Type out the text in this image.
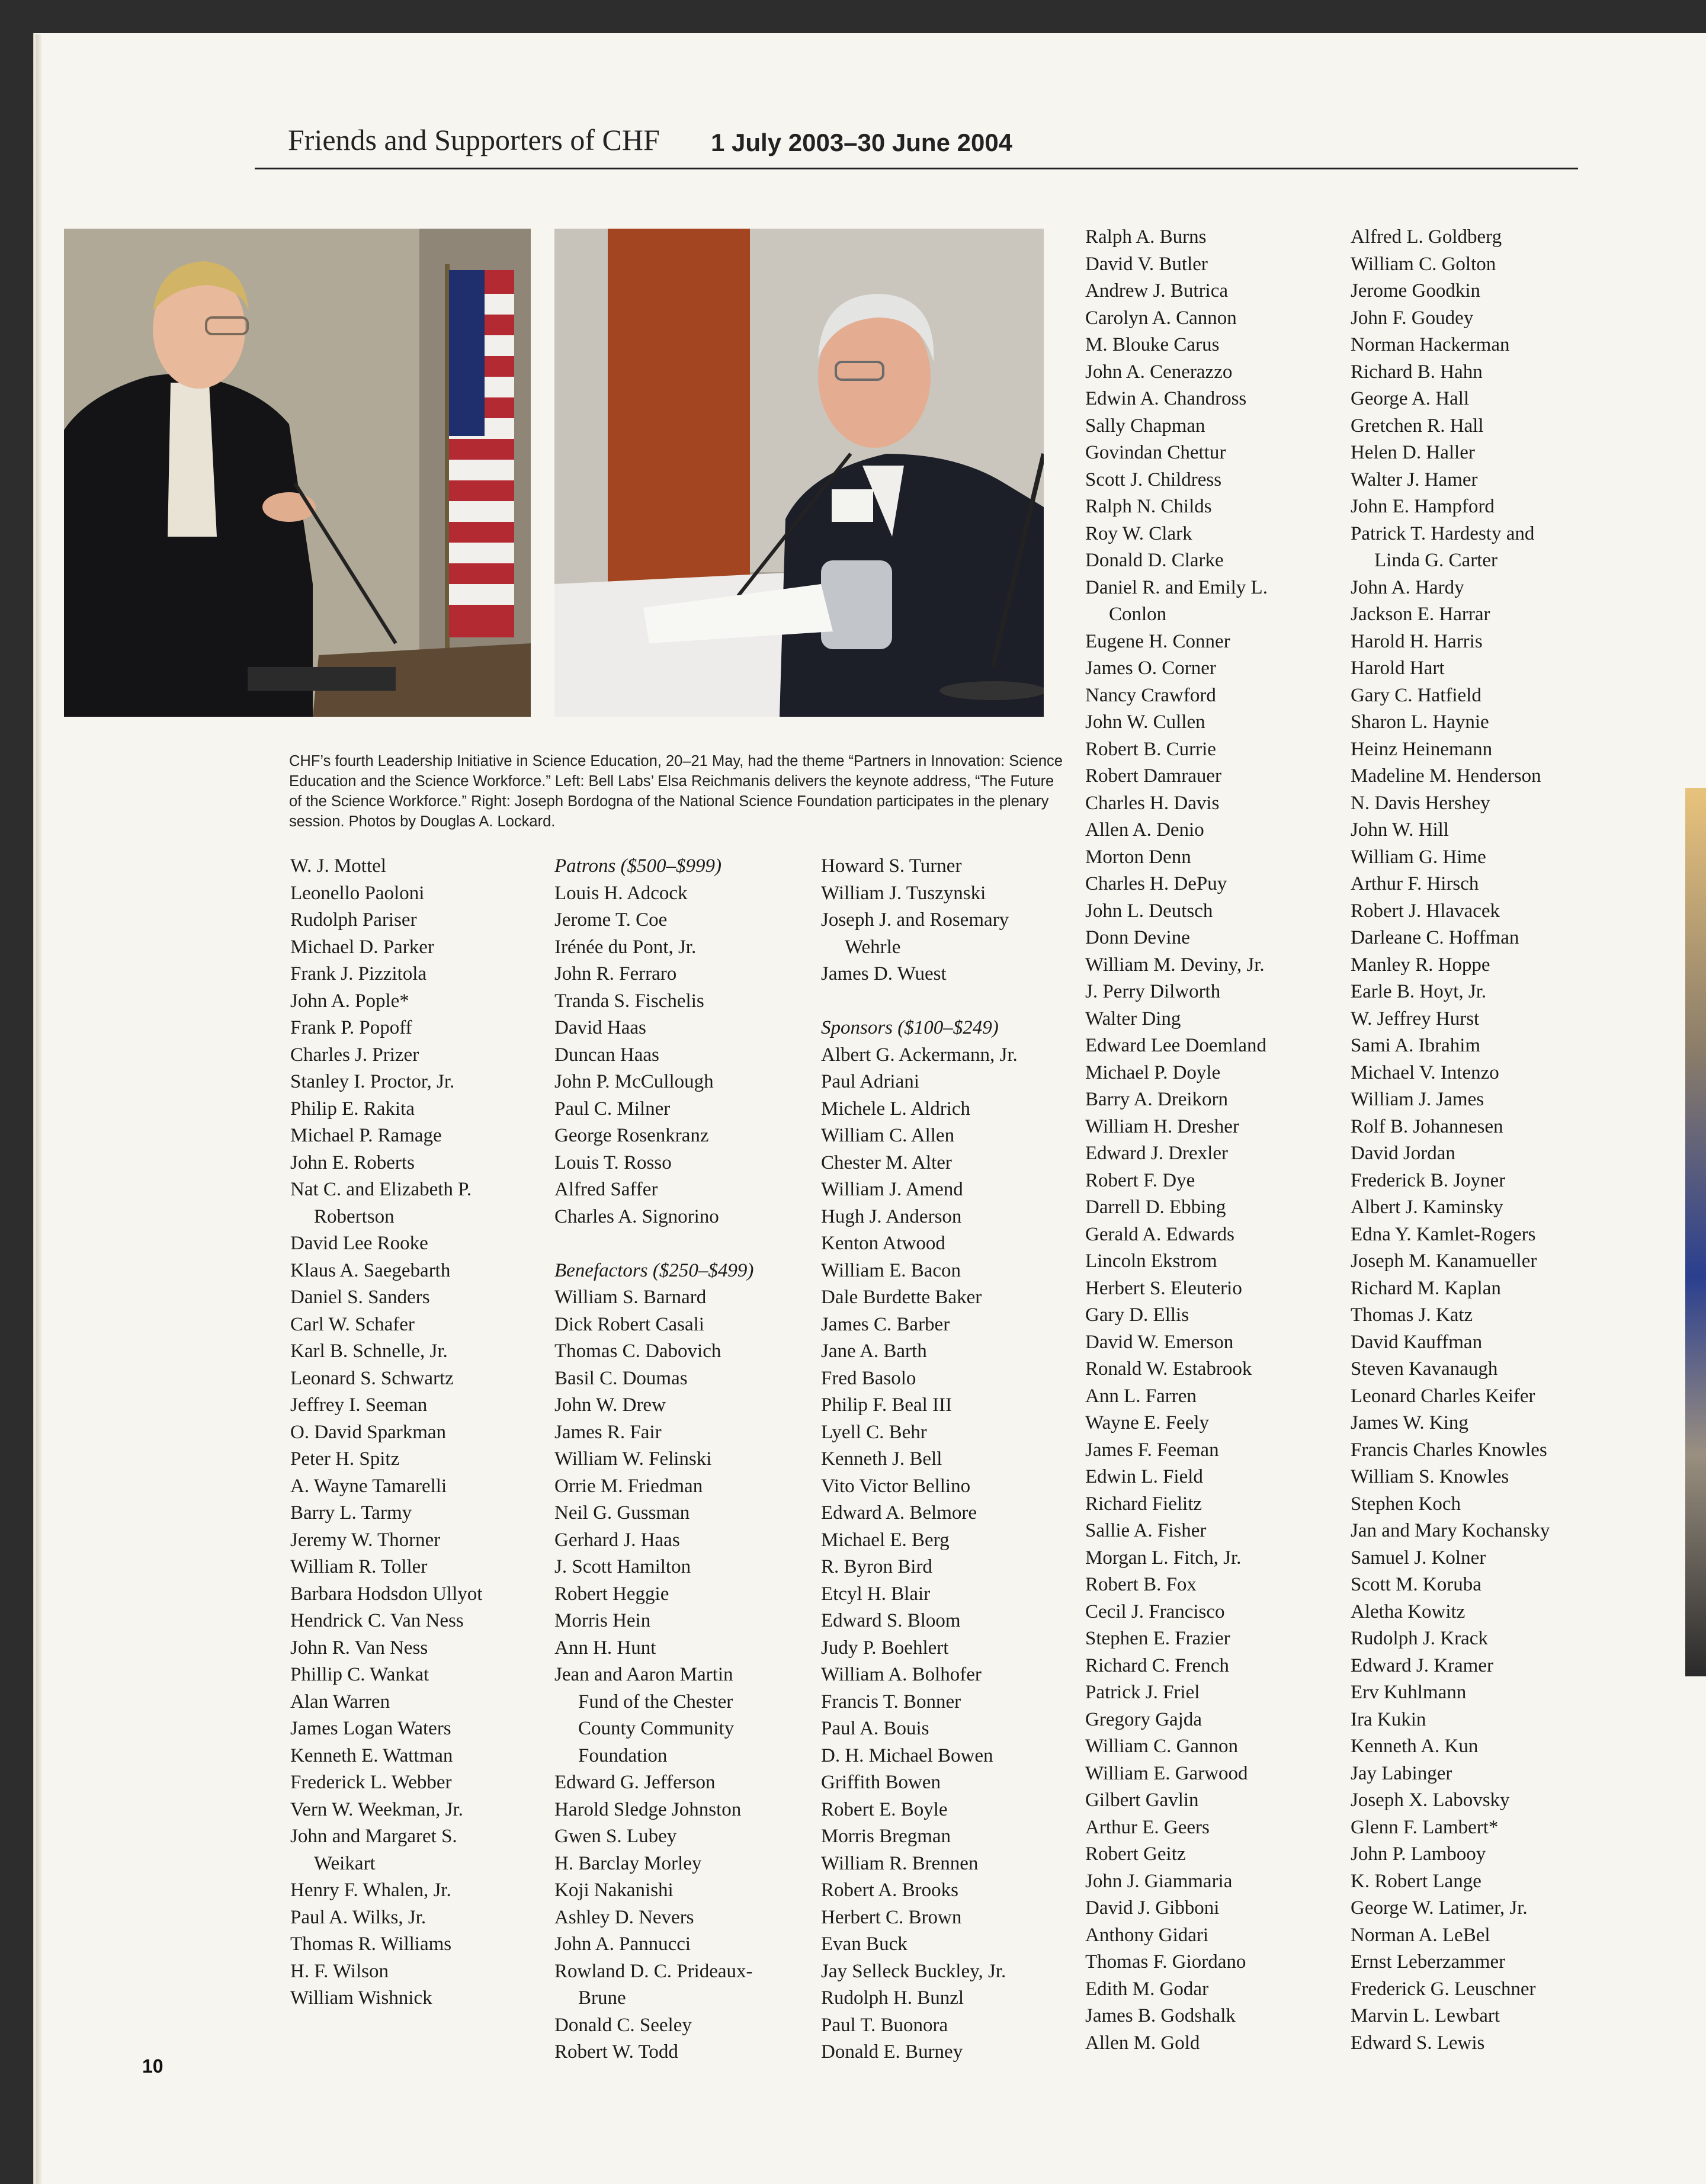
Friends and Supporters of CHF 1 July 2003–30 June 2004
CHF’s fourth Leadership Initiative in Science Education, 20–21 May, had the theme “Partners in Innovation: Science Education and the Science Workforce.” Left: Bell Labs’ Elsa Reichmanis delivers the keynote address, “The Future of the Science Workforce.” Right: Joseph Bordogna of the National Science Foundation participates in the plenary session. Photos by Douglas A. Lockard.
W. J. Mottel
Leonello Paoloni
Rudolph Pariser
Michael D. Parker
Frank J. Pizzitola
John A. Pople*
Frank P. Popoff
Charles J. Prizer
Stanley I. Proctor, Jr.
Philip E. Rakita
Michael P. Ramage
John E. Roberts
Nat C. and Elizabeth P.
Robertson
David Lee Rooke
Klaus A. Saegebarth
Daniel S. Sanders
Carl W. Schafer
Karl B. Schnelle, Jr.
Leonard S. Schwartz
Jeffrey I. Seeman
O. David Sparkman
Peter H. Spitz
A. Wayne Tamarelli
Barry L. Tarmy
Jeremy W. Thorner
William R. Toller
Barbara Hodsdon Ullyot
Hendrick C. Van Ness
John R. Van Ness
Phillip C. Wankat
Alan Warren
James Logan Waters
Kenneth E. Wattman
Frederick L. Webber
Vern W. Weekman, Jr.
John and Margaret S.
Weikart
Henry F. Whalen, Jr.
Paul A. Wilks, Jr.
Thomas R. Williams
H. F. Wilson
William Wishnick
Patrons ($500–$999)
Louis H. Adcock
Jerome T. Coe
Irénée du Pont, Jr.
John R. Ferraro
Tranda S. Fischelis
David Haas
Duncan Haas
John P. McCullough
Paul C. Milner
George Rosenkranz
Louis T. Rosso
Alfred Saffer
Charles A. Signorino
Benefactors ($250–$499)
William S. Barnard
Dick Robert Casali
Thomas C. Dabovich
Basil C. Doumas
John W. Drew
James R. Fair
William W. Felinski
Orrie M. Friedman
Neil G. Gussman
Gerhard J. Haas
J. Scott Hamilton
Robert Heggie
Morris Hein
Ann H. Hunt
Jean and Aaron Martin
Fund of the Chester
County Community
Foundation
Edward G. Jefferson
Harold Sledge Johnston
Gwen S. Lubey
H. Barclay Morley
Koji Nakanishi
Ashley D. Nevers
John A. Pannucci
Rowland D. C. Prideaux-
Brune
Donald C. Seeley
Robert W. Todd
Howard S. Turner
William J. Tuszynski
Joseph J. and Rosemary
Wehrle
James D. Wuest
Sponsors ($100–$249)
Albert G. Ackermann, Jr.
Paul Adriani
Michele L. Aldrich
William C. Allen
Chester M. Alter
William J. Amend
Hugh J. Anderson
Kenton Atwood
William E. Bacon
Dale Burdette Baker
James C. Barber
Jane A. Barth
Fred Basolo
Philip F. Beal III
Lyell C. Behr
Kenneth J. Bell
Vito Victor Bellino
Edward A. Belmore
Michael E. Berg
R. Byron Bird
Etcyl H. Blair
Edward S. Bloom
Judy P. Boehlert
William A. Bolhofer
Francis T. Bonner
Paul A. Bouis
D. H. Michael Bowen
Griffith Bowen
Robert E. Boyle
Morris Bregman
William R. Brennen
Robert A. Brooks
Herbert C. Brown
Evan Buck
Jay Selleck Buckley, Jr.
Rudolph H. Bunzl
Paul T. Buonora
Donald E. Burney
Ralph A. Burns
David V. Butler
Andrew J. Butrica
Carolyn A. Cannon
M. Blouke Carus
John A. Cenerazzo
Edwin A. Chandross
Sally Chapman
Govindan Chettur
Scott J. Childress
Ralph N. Childs
Roy W. Clark
Donald D. Clarke
Daniel R. and Emily L.
Conlon
Eugene H. Conner
James O. Corner
Nancy Crawford
John W. Cullen
Robert B. Currie
Robert Damrauer
Charles H. Davis
Allen A. Denio
Morton Denn
Charles H. DePuy
John L. Deutsch
Donn Devine
William M. Deviny, Jr.
J. Perry Dilworth
Walter Ding
Edward Lee Doemland
Michael P. Doyle
Barry A. Dreikorn
William H. Dresher
Edward J. Drexler
Robert F. Dye
Darrell D. Ebbing
Gerald A. Edwards
Lincoln Ekstrom
Herbert S. Eleuterio
Gary D. Ellis
David W. Emerson
Ronald W. Estabrook
Ann L. Farren
Wayne E. Feely
James F. Feeman
Edwin L. Field
Richard Fielitz
Sallie A. Fisher
Morgan L. Fitch, Jr.
Robert B. Fox
Cecil J. Francisco
Stephen E. Frazier
Richard C. French
Patrick J. Friel
Gregory Gajda
William C. Gannon
William E. Garwood
Gilbert Gavlin
Arthur E. Geers
Robert Geitz
John J. Giammaria
David J. Gibboni
Anthony Gidari
Thomas F. Giordano
Edith M. Godar
James B. Godshalk
Allen M. Gold
Alfred L. Goldberg
William C. Golton
Jerome Goodkin
John F. Goudey
Norman Hackerman
Richard B. Hahn
George A. Hall
Gretchen R. Hall
Helen D. Haller
Walter J. Hamer
John E. Hampford
Patrick T. Hardesty and
Linda G. Carter
John A. Hardy
Jackson E. Harrar
Harold H. Harris
Harold Hart
Gary C. Hatfield
Sharon L. Haynie
Heinz Heinemann
Madeline M. Henderson
N. Davis Hershey
John W. Hill
William G. Hime
Arthur F. Hirsch
Robert J. Hlavacek
Darleane C. Hoffman
Manley R. Hoppe
Earle B. Hoyt, Jr.
W. Jeffrey Hurst
Sami A. Ibrahim
Michael V. Intenzo
William J. James
Rolf B. Johannesen
David Jordan
Frederick B. Joyner
Albert J. Kaminsky
Edna Y. Kamlet-Rogers
Joseph M. Kanamueller
Richard M. Kaplan
Thomas J. Katz
David Kauffman
Steven Kavanaugh
Leonard Charles Keifer
James W. King
Francis Charles Knowles
William S. Knowles
Stephen Koch
Jan and Mary Kochansky
Samuel J. Kolner
Scott M. Koruba
Aletha Kowitz
Rudolph J. Krack
Edward J. Kramer
Erv Kuhlmann
Ira Kukin
Kenneth A. Kun
Jay Labinger
Joseph X. Labovsky
Glenn F. Lambert*
John P. Lambooy
K. Robert Lange
George W. Latimer, Jr.
Norman A. LeBel
Ernst Leberzammer
Frederick G. Leuschner
Marvin L. Lewbart
Edward S. Lewis
10
